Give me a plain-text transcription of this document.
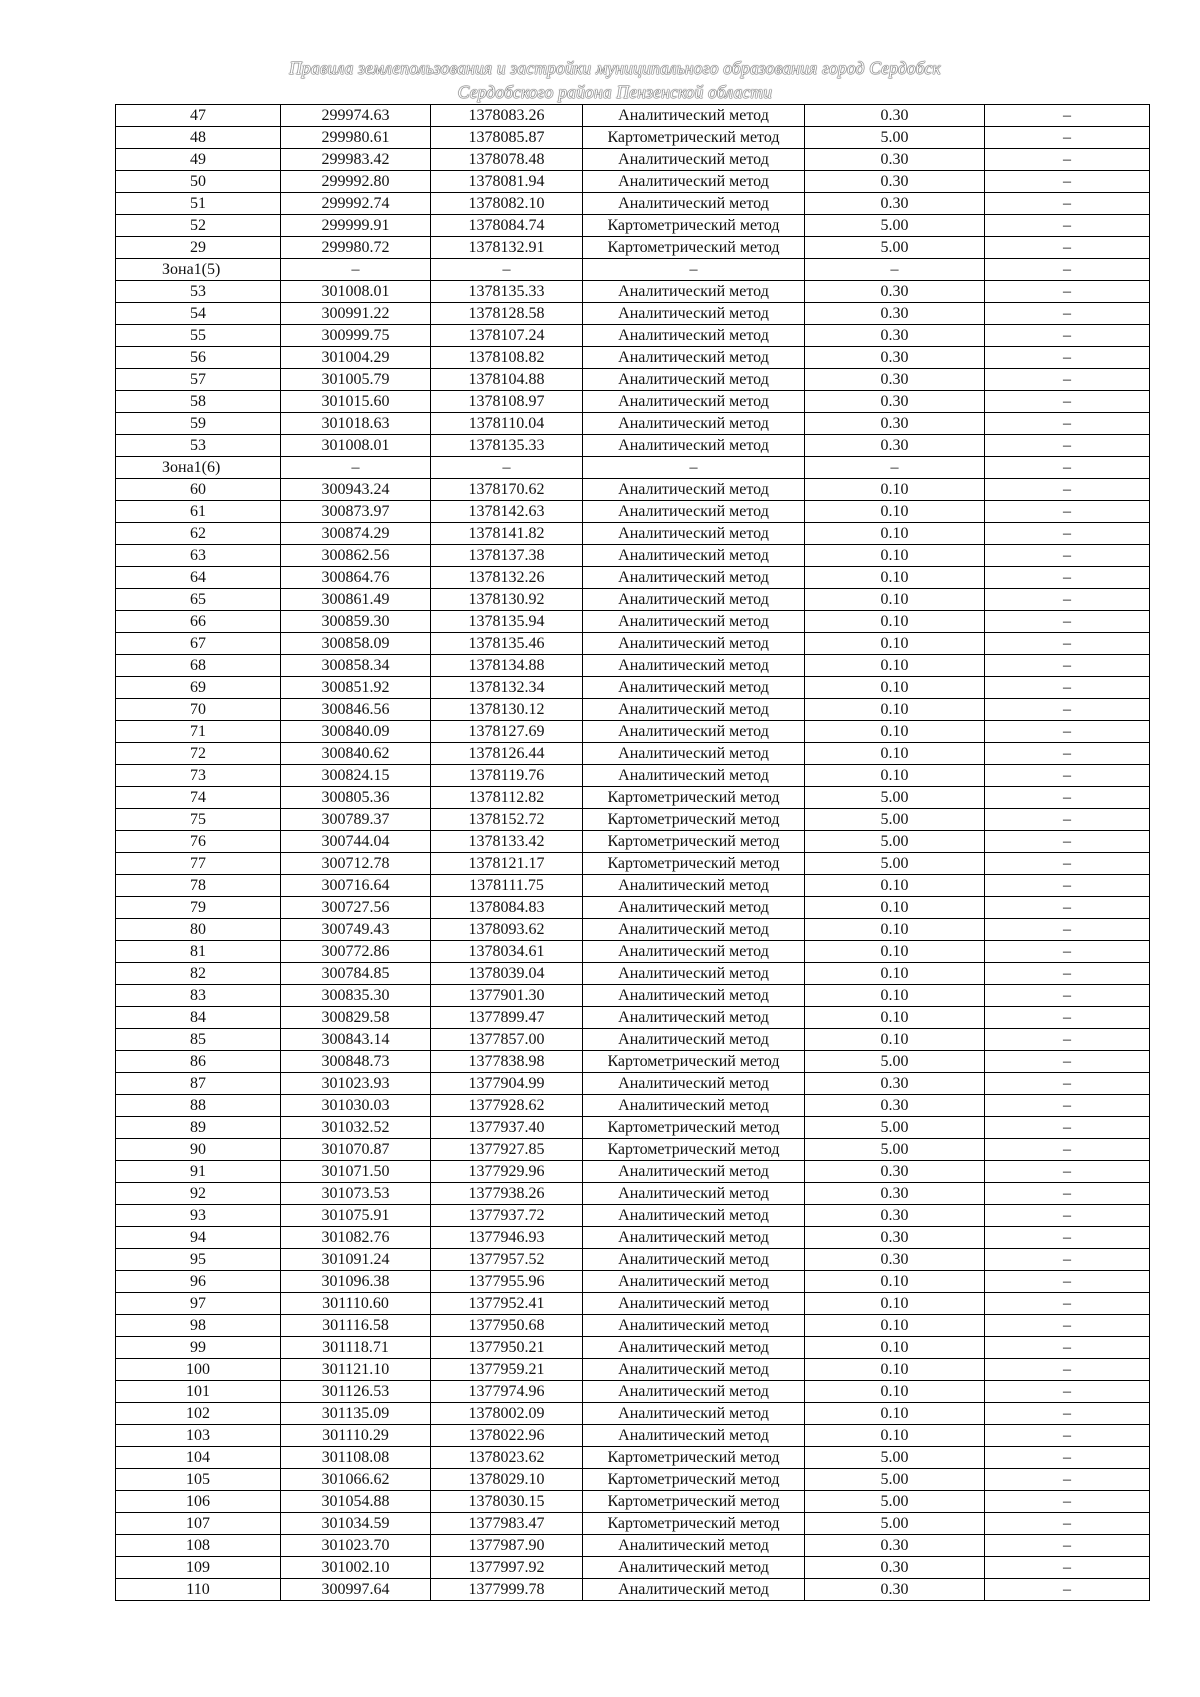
Правила землепользования и застройки муниципального образования город Сердобск
Сердобского района Пензенской области
47	299974.63	1378083.26	Аналитический метод	0.30	–
48	299980.61	1378085.87	Картометрический метод	5.00	–
49	299983.42	1378078.48	Аналитический метод	0.30	–
50	299992.80	1378081.94	Аналитический метод	0.30	–
51	299992.74	1378082.10	Аналитический метод	0.30	–
52	299999.91	1378084.74	Картометрический метод	5.00	–
29	299980.72	1378132.91	Картометрический метод	5.00	–
Зона1(5)	–	–	–	–	–
53	301008.01	1378135.33	Аналитический метод	0.30	–
54	300991.22	1378128.58	Аналитический метод	0.30	–
55	300999.75	1378107.24	Аналитический метод	0.30	–
56	301004.29	1378108.82	Аналитический метод	0.30	–
57	301005.79	1378104.88	Аналитический метод	0.30	–
58	301015.60	1378108.97	Аналитический метод	0.30	–
59	301018.63	1378110.04	Аналитический метод	0.30	–
53	301008.01	1378135.33	Аналитический метод	0.30	–
Зона1(6)	–	–	–	–	–
60	300943.24	1378170.62	Аналитический метод	0.10	–
61	300873.97	1378142.63	Аналитический метод	0.10	–
62	300874.29	1378141.82	Аналитический метод	0.10	–
63	300862.56	1378137.38	Аналитический метод	0.10	–
64	300864.76	1378132.26	Аналитический метод	0.10	–
65	300861.49	1378130.92	Аналитический метод	0.10	–
66	300859.30	1378135.94	Аналитический метод	0.10	–
67	300858.09	1378135.46	Аналитический метод	0.10	–
68	300858.34	1378134.88	Аналитический метод	0.10	–
69	300851.92	1378132.34	Аналитический метод	0.10	–
70	300846.56	1378130.12	Аналитический метод	0.10	–
71	300840.09	1378127.69	Аналитический метод	0.10	–
72	300840.62	1378126.44	Аналитический метод	0.10	–
73	300824.15	1378119.76	Аналитический метод	0.10	–
74	300805.36	1378112.82	Картометрический метод	5.00	–
75	300789.37	1378152.72	Картометрический метод	5.00	–
76	300744.04	1378133.42	Картометрический метод	5.00	–
77	300712.78	1378121.17	Картометрический метод	5.00	–
78	300716.64	1378111.75	Аналитический метод	0.10	–
79	300727.56	1378084.83	Аналитический метод	0.10	–
80	300749.43	1378093.62	Аналитический метод	0.10	–
81	300772.86	1378034.61	Аналитический метод	0.10	–
82	300784.85	1378039.04	Аналитический метод	0.10	–
83	300835.30	1377901.30	Аналитический метод	0.10	–
84	300829.58	1377899.47	Аналитический метод	0.10	–
85	300843.14	1377857.00	Аналитический метод	0.10	–
86	300848.73	1377838.98	Картометрический метод	5.00	–
87	301023.93	1377904.99	Аналитический метод	0.30	–
88	301030.03	1377928.62	Аналитический метод	0.30	–
89	301032.52	1377937.40	Картометрический метод	5.00	–
90	301070.87	1377927.85	Картометрический метод	5.00	–
91	301071.50	1377929.96	Аналитический метод	0.30	–
92	301073.53	1377938.26	Аналитический метод	0.30	–
93	301075.91	1377937.72	Аналитический метод	0.30	–
94	301082.76	1377946.93	Аналитический метод	0.30	–
95	301091.24	1377957.52	Аналитический метод	0.30	–
96	301096.38	1377955.96	Аналитический метод	0.10	–
97	301110.60	1377952.41	Аналитический метод	0.10	–
98	301116.58	1377950.68	Аналитический метод	0.10	–
99	301118.71	1377950.21	Аналитический метод	0.10	–
100	301121.10	1377959.21	Аналитический метод	0.10	–
101	301126.53	1377974.96	Аналитический метод	0.10	–
102	301135.09	1378002.09	Аналитический метод	0.10	–
103	301110.29	1378022.96	Аналитический метод	0.10	–
104	301108.08	1378023.62	Картометрический метод	5.00	–
105	301066.62	1378029.10	Картометрический метод	5.00	–
106	301054.88	1378030.15	Картометрический метод	5.00	–
107	301034.59	1377983.47	Картометрический метод	5.00	–
108	301023.70	1377987.90	Аналитический метод	0.30	–
109	301002.10	1377997.92	Аналитический метод	0.30	–
110	300997.64	1377999.78	Аналитический метод	0.30	–
